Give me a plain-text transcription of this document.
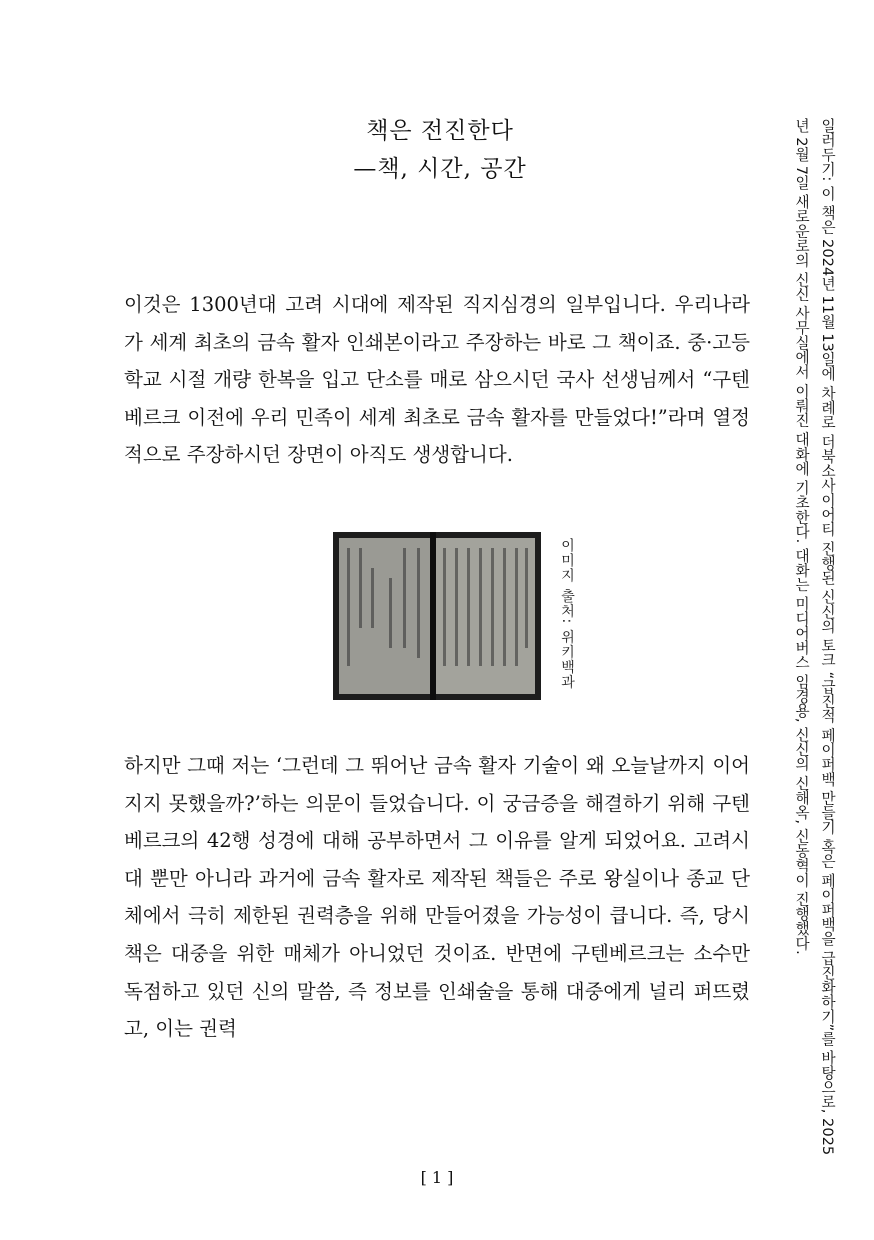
책은 전진한다
—책, 시간, 공간

이것은 1300년대 고려 시대에 제작된 직지심경의 일부입니다. 우리나라가 세계 최초의 금속 활자 인쇄본이라고 주장하는 바로 그 책이죠. 중·고등학교 시절 개량 한복을 입고 단소를 매로 삼으시던 국사 선생님께서 “구텐베르크 이전에 우리 민족이 세계 최초로 금속 활자를 만들었다!”라며 열정적으로 주장하시던 장면이 아직도 생생합니다.

이미지 출처: 위키백과

하지만 그때 저는 ‘그런데 그 뛰어난 금속 활자 기술이 왜 오늘날까지 이어지지 못했을까?’하는 의문이 들었습니다. 이 궁금증을 해결하기 위해 구텐베르크의 42행 성경에 대해 공부하면서 그 이유를 알게 되었어요. 고려시대 뿐만 아니라 과거에 금속 활자로 제작된 책들은 주로 왕실이나 종교 단체에서 극히 제한된 권력층을 위해 만들어졌을 가능성이 큽니다. 즉, 당시 책은 대중을 위한 매체가 아니었던 것이죠. 반면에 구텐베르크는 소수만 독점하고 있던 신의 말씀, 즉 정보를 인쇄술을 통해 대중에게 널리 퍼뜨렸고, 이는 권력	일러두기: 이 책은 2024년 11월 13일에 차례로 더북소사이어티 진행된 신신의 토크 “급진적 페이퍼백 만들기 혹은 페이퍼백을 급진화하기”를 바탕으로, 2025년 2월 7일 새로운로의 신신 사무실에서 이뤄진 대화에 기초한다. 대화는 미디어버스 임경용, 신신의 신해옥, 신동혁이 진행했다.
[ 1 ]
